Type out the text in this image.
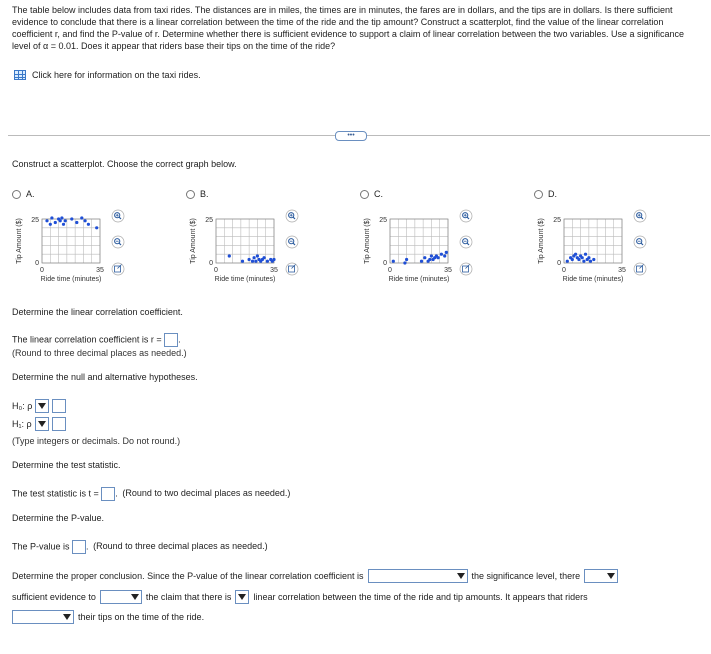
The table below includes data from taxi rides. The distances are in miles, the times are in minutes, the fares are in dollars, and the tips are in dollars. Is there sufficient evidence to conclude that there is a linear correlation between the time of the ride and the tip amount? Construct a scatterplot, find the value of the linear correlation coefficient r, and find the P-value of r. Determine whether there is sufficient evidence to support a claim of linear correlation between the two variables. Use a significance level of α = 0.01. Does it appear that riders base their tips on the time of the ride?
Click here for information on the taxi rides.
•••
Construct a scatterplot. Choose the correct graph below.
A.
Tip Amount ($) 25
0
0	35
Ride time (minutes)
B.
Tip Amount ($) 25
0
0	35
Ride time (minutes)
C.
Tip Amount ($) 25
0
0	35
Ride time (minutes)
D.
Tip Amount ($) 25
0
0	35
Ride time (minutes)
Determine the linear correlation coefficient.
The linear correlation coefficient is r = .
(Round to three decimal places as needed.)
Determine the null and alternative hypotheses.
H₀: ρ
H₁: ρ
(Type integers or decimals. Do not round.)
Determine the test statistic.
The test statistic is t = . (Round to two decimal places as needed.)
Determine the P-value.
The P-value is . (Round to three decimal places as needed.)
Determine the proper conclusion. Since the P-value of the linear correlation coefficient is	the significance level, there
sufficient evidence to	the claim that there is linear correlation between the time of the ride and tip amounts. It appears that riders
their tips on the time of the ride.
